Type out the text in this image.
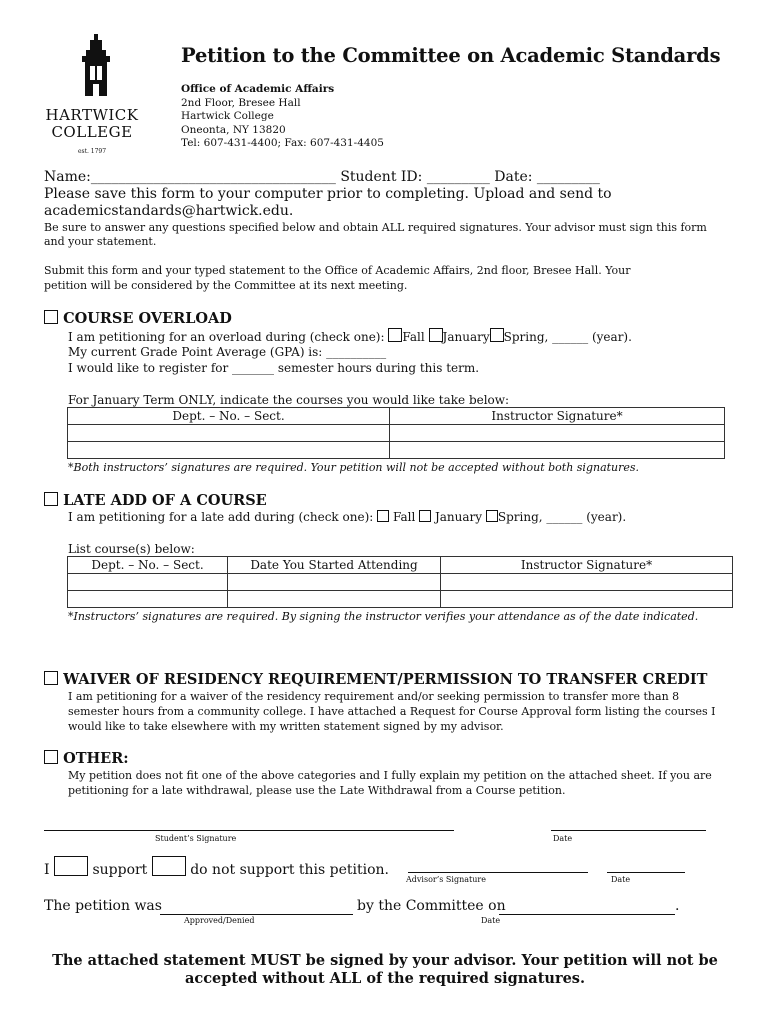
HARTWICK
COLLEGE
est. 1797
Petition to the Committee on Academic Standards
Office of Academic Affairs
2nd Floor, Bresee Hall
Hartwick College
Oneonta, NY 13820
Tel: 607-431-4400; Fax: 607-431-4405
Name:___________________________________ Student ID: _________ Date: _________
Please save this form to your computer prior to completing. Upload and send to
academicstandards@hartwick.edu.
Be sure to answer any questions specified below and obtain ALL required signatures. Your advisor must sign this form
and your statement.
Submit this form and your typed statement to the Office of Academic Affairs, 2nd floor, Bresee Hall. Your
petition will be considered by the Committee at its next meeting.
COURSE OVERLOAD
I am petitioning for an overload during (check one): Fall January Spring, ______ (year).
My current Grade Point Average (GPA) is: __________
I would like to register for _______ semester hours during this term.
For January Term ONLY, indicate the courses you would like take below:
Dept. – No. – Sect.	Instructor Signature*

*Both instructors’ signatures are required. Your petition will not be accepted without both signatures.
LATE ADD OF A COURSE
I am petitioning for a late add during (check one): Fall January Spring, ______ (year).
List course(s) below:
Dept. – No. – Sect.	Date You Started Attending	Instructor Signature*

*Instructors’ signatures are required. By signing the instructor verifies your attendance as of the date indicated.
WAIVER OF RESIDENCY REQUIREMENT/PERMISSION TO TRANSFER CREDIT
I am petitioning for a waiver of the residency requirement and/or seeking permission to transfer more than 8
semester hours from a community college. I have attached a Request for Course Approval form listing the courses I
would like to take elsewhere with my written statement signed by my advisor.
OTHER:
My petition does not fit one of the above categories and I fully explain my petition on the attached sheet. If you are
petitioning for a late withdrawal, please use the Late Withdrawal from a Course petition.
Student’s Signature	Date
I	support	do not support this petition.
Advisor’s Signature	Date
The petition was
Approved/Denied
by the Committee on	.
Date
The attached statement MUST be signed by your advisor. Your petition will not be
accepted without ALL of the required signatures.
